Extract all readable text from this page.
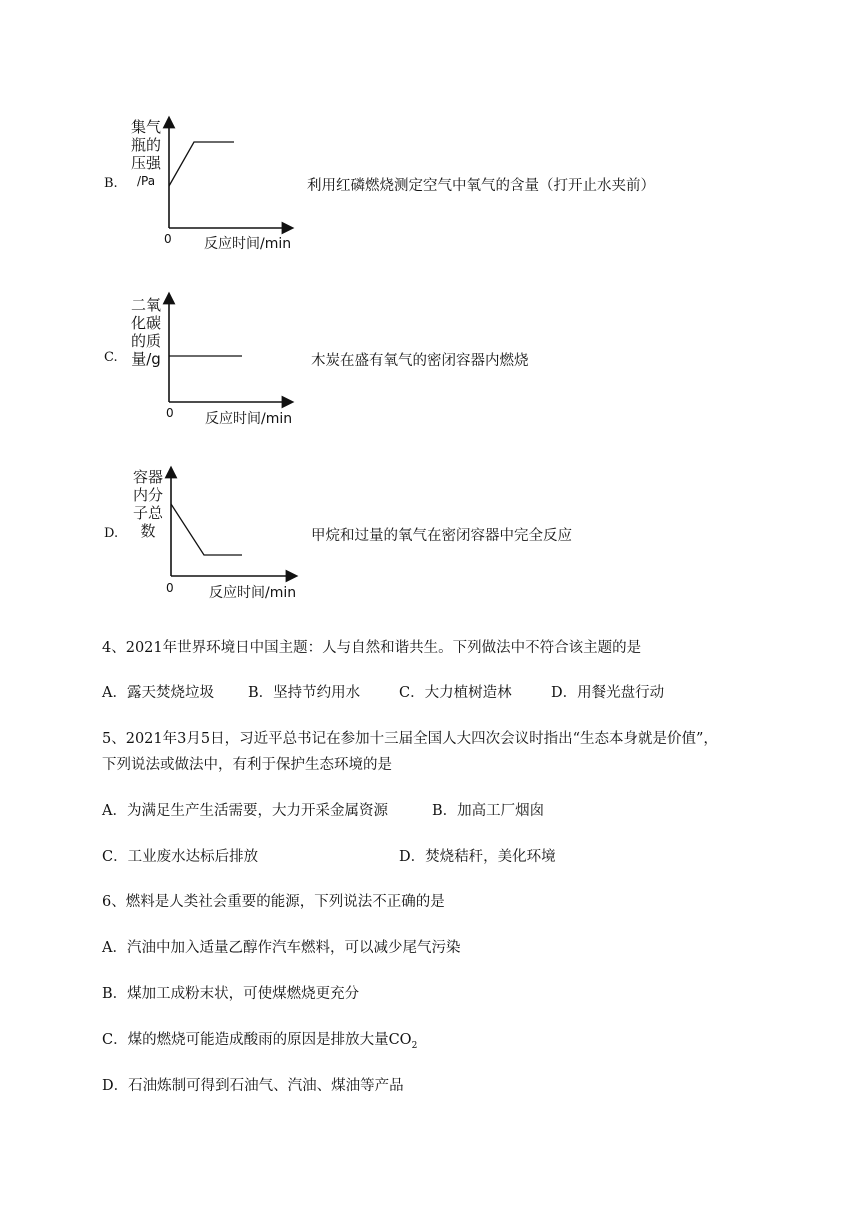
B.
集气
瓶的
压强
/Pa
0 反应时间/min
利用红磷燃烧测定空气中氧气的含量（打开止水夹前）
C.
二氧
化碳
的质
量/g
0 反应时间/min
木炭在盛有氧气的密闭容器内燃烧
D.
容器
内分
子总
数
0	反应时间/min
甲烷和过量的氧气在密闭容器中完全反应
4、2021年世界环境日中国主题：人与自然和谐共生。下列做法中不符合该主题的是
A．露天焚烧垃圾 B．坚持节约用水	C．大力植树造林	D．用餐光盘行动
5、2021年3月5日，习近平总书记在参加十三届全国人大四次会议时指出“生态本身就是价值”，
下列说法或做法中，有利于保护生态环境的是
A．为满足生产生活需要，大力开采金属资源	B．加高工厂烟囱
C．工业废水达标后排放	D．焚烧秸秆，美化环境
6、燃料是人类社会重要的能源，下列说法不正确的是
A．汽油中加入适量乙醇作汽车燃料，可以减少尾气污染
B．煤加工成粉末状，可使煤燃烧更充分
C．煤的燃烧可能造成酸雨的原因是排放大量$CO_2$
D．石油炼制可得到石油气、汽油、煤油等产品
